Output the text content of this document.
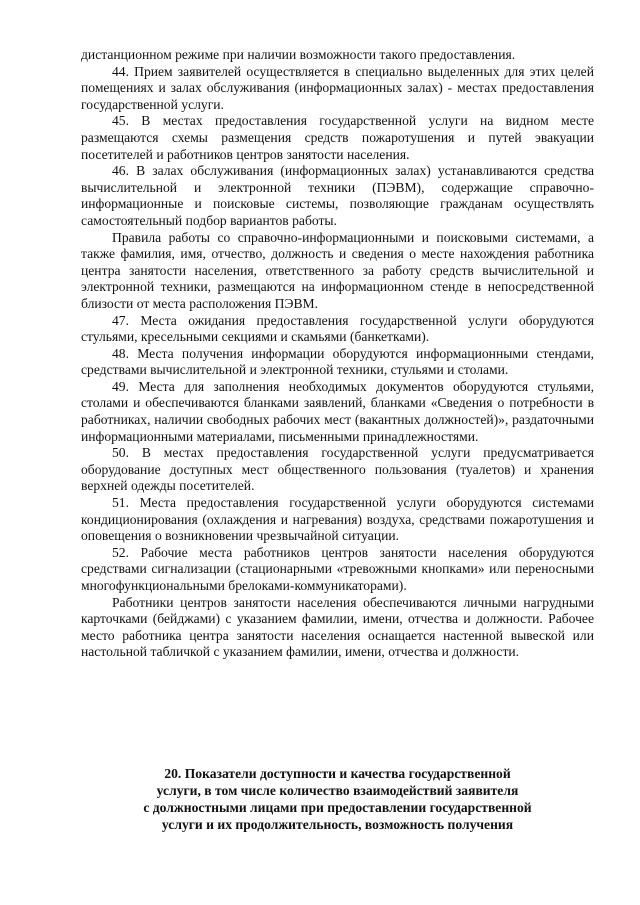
дистанционном режиме при наличии возможности такого предоставления.

44. Прием заявителей осуществляется в специально выделенных для этих целей помещениях и залах обслуживания (информационных залах) - местах предоставления государственной услуги.

45. В местах предоставления государственной услуги на видном месте размещаются схемы размещения средств пожаротушения и путей эвакуации посетителей и работников центров занятости населения.

46. В залах обслуживания (информационных залах) устанавливаются средства вычислительной и электронной техники (ПЭВМ), содержащие справочно-информационные и поисковые системы, позволяющие гражданам осуществлять самостоятельный подбор вариантов работы.

Правила работы со справочно-информационными и поисковыми системами, а также фамилия, имя, отчество, должность и сведения о месте нахождения работника центра занятости населения, ответственного за работу средств вычислительной и электронной техники, размещаются на информационном стенде в непосредственной близости от места расположения ПЭВМ.

47. Места ожидания предоставления государственной услуги оборудуются стульями, кресельными секциями и скамьями (банкетками).

48. Места получения информации оборудуются информационными стендами, средствами вычислительной и электронной техники, стульями и столами.

49. Места для заполнения необходимых документов оборудуются стульями, столами и обеспечиваются бланками заявлений, бланками «Сведения о потребности в работниках, наличии свободных рабочих мест (вакантных должностей)», раздаточными информационными материалами, письменными принадлежностями.

50. В местах предоставления государственной услуги предусматривается оборудование доступных мест общественного пользования (туалетов) и хранения верхней одежды посетителей.

51. Места предоставления государственной услуги оборудуются системами кондиционирования (охлаждения и нагревания) воздуха, средствами пожаротушения и оповещения о возникновении чрезвычайной ситуации.

52. Рабочие места работников центров занятости населения оборудуются средствами сигнализации (стационарными «тревожными кнопками» или переносными многофункциональными брелоками-коммуникаторами).

Работники центров занятости населения обеспечиваются личными нагрудными карточками (бейджами) с указанием фамилии, имени, отчества и должности. Рабочее место работника центра занятости населения оснащается настенной вывеской или настольной табличкой с указанием фамилии, имени, отчества и должности.

20. Показатели доступности и качества государственной
услуги, в том числе количество взаимодействий заявителя
с должностными лицами при предоставлении государственной
услуги и их продолжительность, возможность получения
